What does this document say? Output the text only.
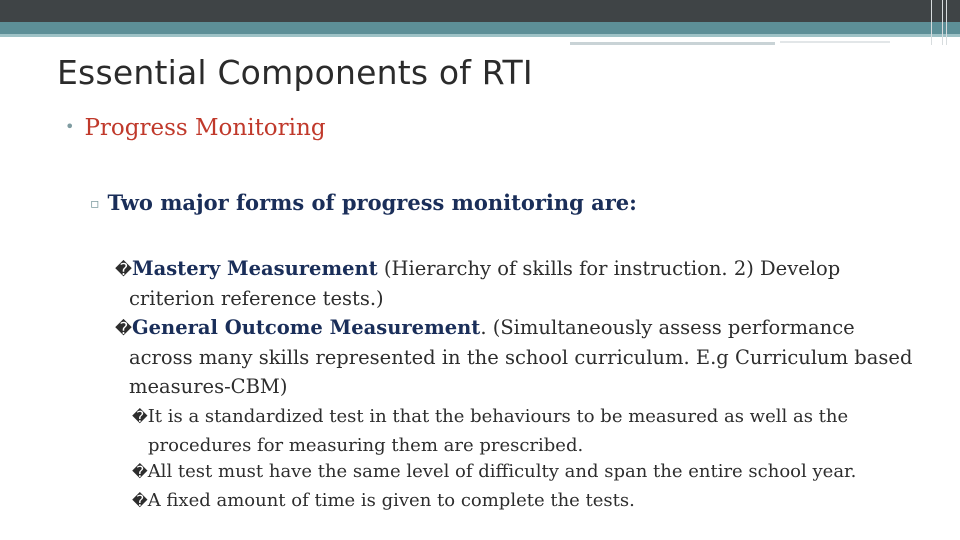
Essential Components of RTI
• Progress Monitoring
▫ Two major forms of progress monitoring are:
�Mastery Measurement (Hierarchy of skills for instruction. 2) Develop criterion reference tests.)
�General Outcome Measurement. (Simultaneously assess performance across many skills represented in the school curriculum. E.g Curriculum based measures-CBM)
�It is a standardized test in that the behaviours to be measured as well as the procedures for measuring them are prescribed.
�All test must have the same level of difficulty and span the entire school year.
�A fixed amount of time is given to complete the tests.
